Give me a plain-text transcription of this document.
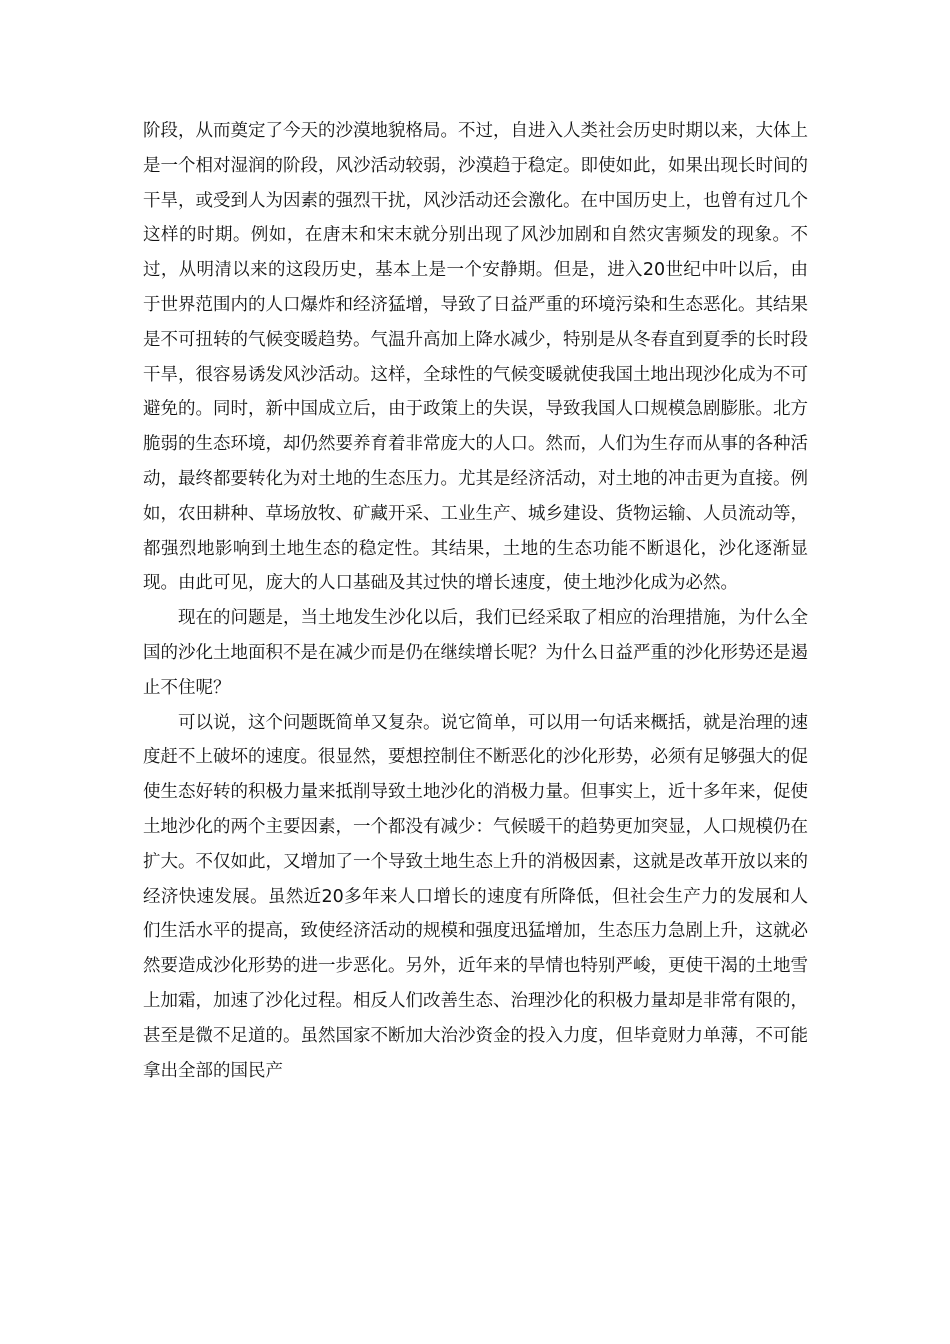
阶段，从而奠定了今天的沙漠地貌格局。不过，自进入人类社会历史时期以来，大体上是一个相对湿润的阶段，风沙活动较弱，沙漠趋于稳定。即使如此，如果出现长时间的干旱，或受到人为因素的强烈干扰，风沙活动还会激化。在中国历史上，也曾有过几个这样的时期。例如，在唐末和宋末就分别出现了风沙加剧和自然灾害频发的现象。不过，从明清以来的这段历史，基本上是一个安静期。但是，进入20世纪中叶以后，由于世界范围内的人口爆炸和经济猛增，导致了日益严重的环境污染和生态恶化。其结果是不可扭转的气候变暖趋势。气温升高加上降水减少，特别是从冬春直到夏季的长时段干旱，很容易诱发风沙活动。这样，全球性的气候变暖就使我国土地出现沙化成为不可避免的。同时，新中国成立后，由于政策上的失误，导致我国人口规模急剧膨胀。北方脆弱的生态环境，却仍然要养育着非常庞大的人口。然而，人们为生存而从事的各种活动，最终都要转化为对土地的生态压力。尤其是经济活动，对土地的冲击更为直接。例如，农田耕种、草场放牧、矿藏开采、工业生产、城乡建设、货物运输、人员流动等，都强烈地影响到土地生态的稳定性。其结果，土地的生态功能不断退化，沙化逐渐显现。由此可见，庞大的人口基础及其过快的增长速度，使土地沙化成为必然。

现在的问题是，当土地发生沙化以后，我们已经采取了相应的治理措施，为什么全国的沙化土地面积不是在减少而是仍在继续增长呢？为什么日益严重的沙化形势还是遏止不住呢？

可以说，这个问题既简单又复杂。说它简单，可以用一句话来概括，就是治理的速度赶不上破坏的速度。很显然，要想控制住不断恶化的沙化形势，必须有足够强大的促使生态好转的积极力量来抵削导致土地沙化的消极力量。但事实上，近十多年来，促使土地沙化的两个主要因素，一个都没有减少：气候暖干的趋势更加突显，人口规模仍在扩大。不仅如此，又增加了一个导致土地生态上升的消极因素，这就是改革开放以来的经济快速发展。虽然近20多年来人口增长的速度有所降低，但社会生产力的发展和人们生活水平的提高，致使经济活动的规模和强度迅猛增加，生态压力急剧上升，这就必然要造成沙化形势的进一步恶化。另外，近年来的旱情也特别严峻，更使干渴的土地雪上加霜，加速了沙化过程。相反人们改善生态、治理沙化的积极力量却是非常有限的，甚至是微不足道的。虽然国家不断加大治沙资金的投入力度，但毕竟财力单薄，不可能拿出全部的国民产
